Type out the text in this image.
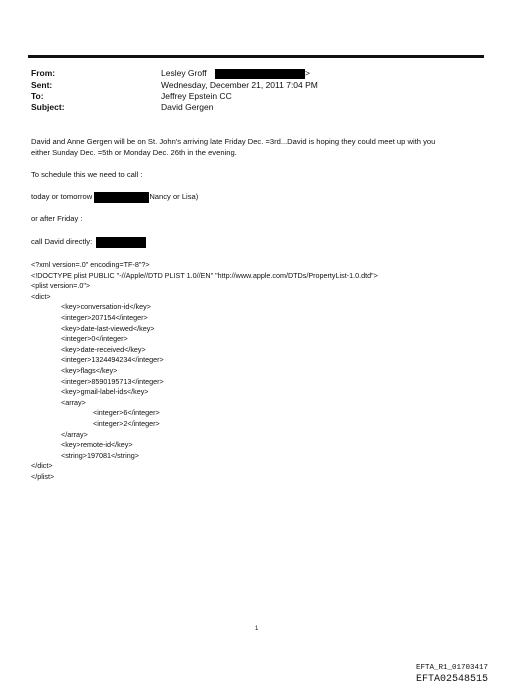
From:	Lesley Groff	>
Sent:	Wednesday, December 21, 2011 7:04 PM
To:	Jeffrey Epstein CC
Subject:	David Gergen
David and Anne Gergen will be on St. John's arriving late Friday Dec. =3rd...David is hoping they could meet up with you
either Sunday Dec. =5th or Monday Dec. 26th in the evening.
To schedule this we need to call :
today or tomorrow	Nancy or Lisa)
or after Friday :
call David directly:
<?xml version=.0" encoding=TF-8"?>
<!DOCTYPE plist PUBLIC "-//Apple//DTD PLIST 1.0//EN" "http://www.apple.com/DTDs/PropertyList-1.0.dtd">
<plist version=.0">
<dict>
<key>conversation-id</key>
<integer>207154</integer>
<key>date-last-viewed</key>
<integer>0</integer>
<key>date-received</key>
<integer>1324494234</integer>
<key>flags</key>
<integer>8590195713</integer>
<key>gmail-label-ids</key>
<array>
<integer>6</integer>
<integer>2</integer>
</array>
<key>remote-id</key>
<string>197081</string>
</dict>
</plist>
1
EFTA_R1_01703417
EFTA02548515
